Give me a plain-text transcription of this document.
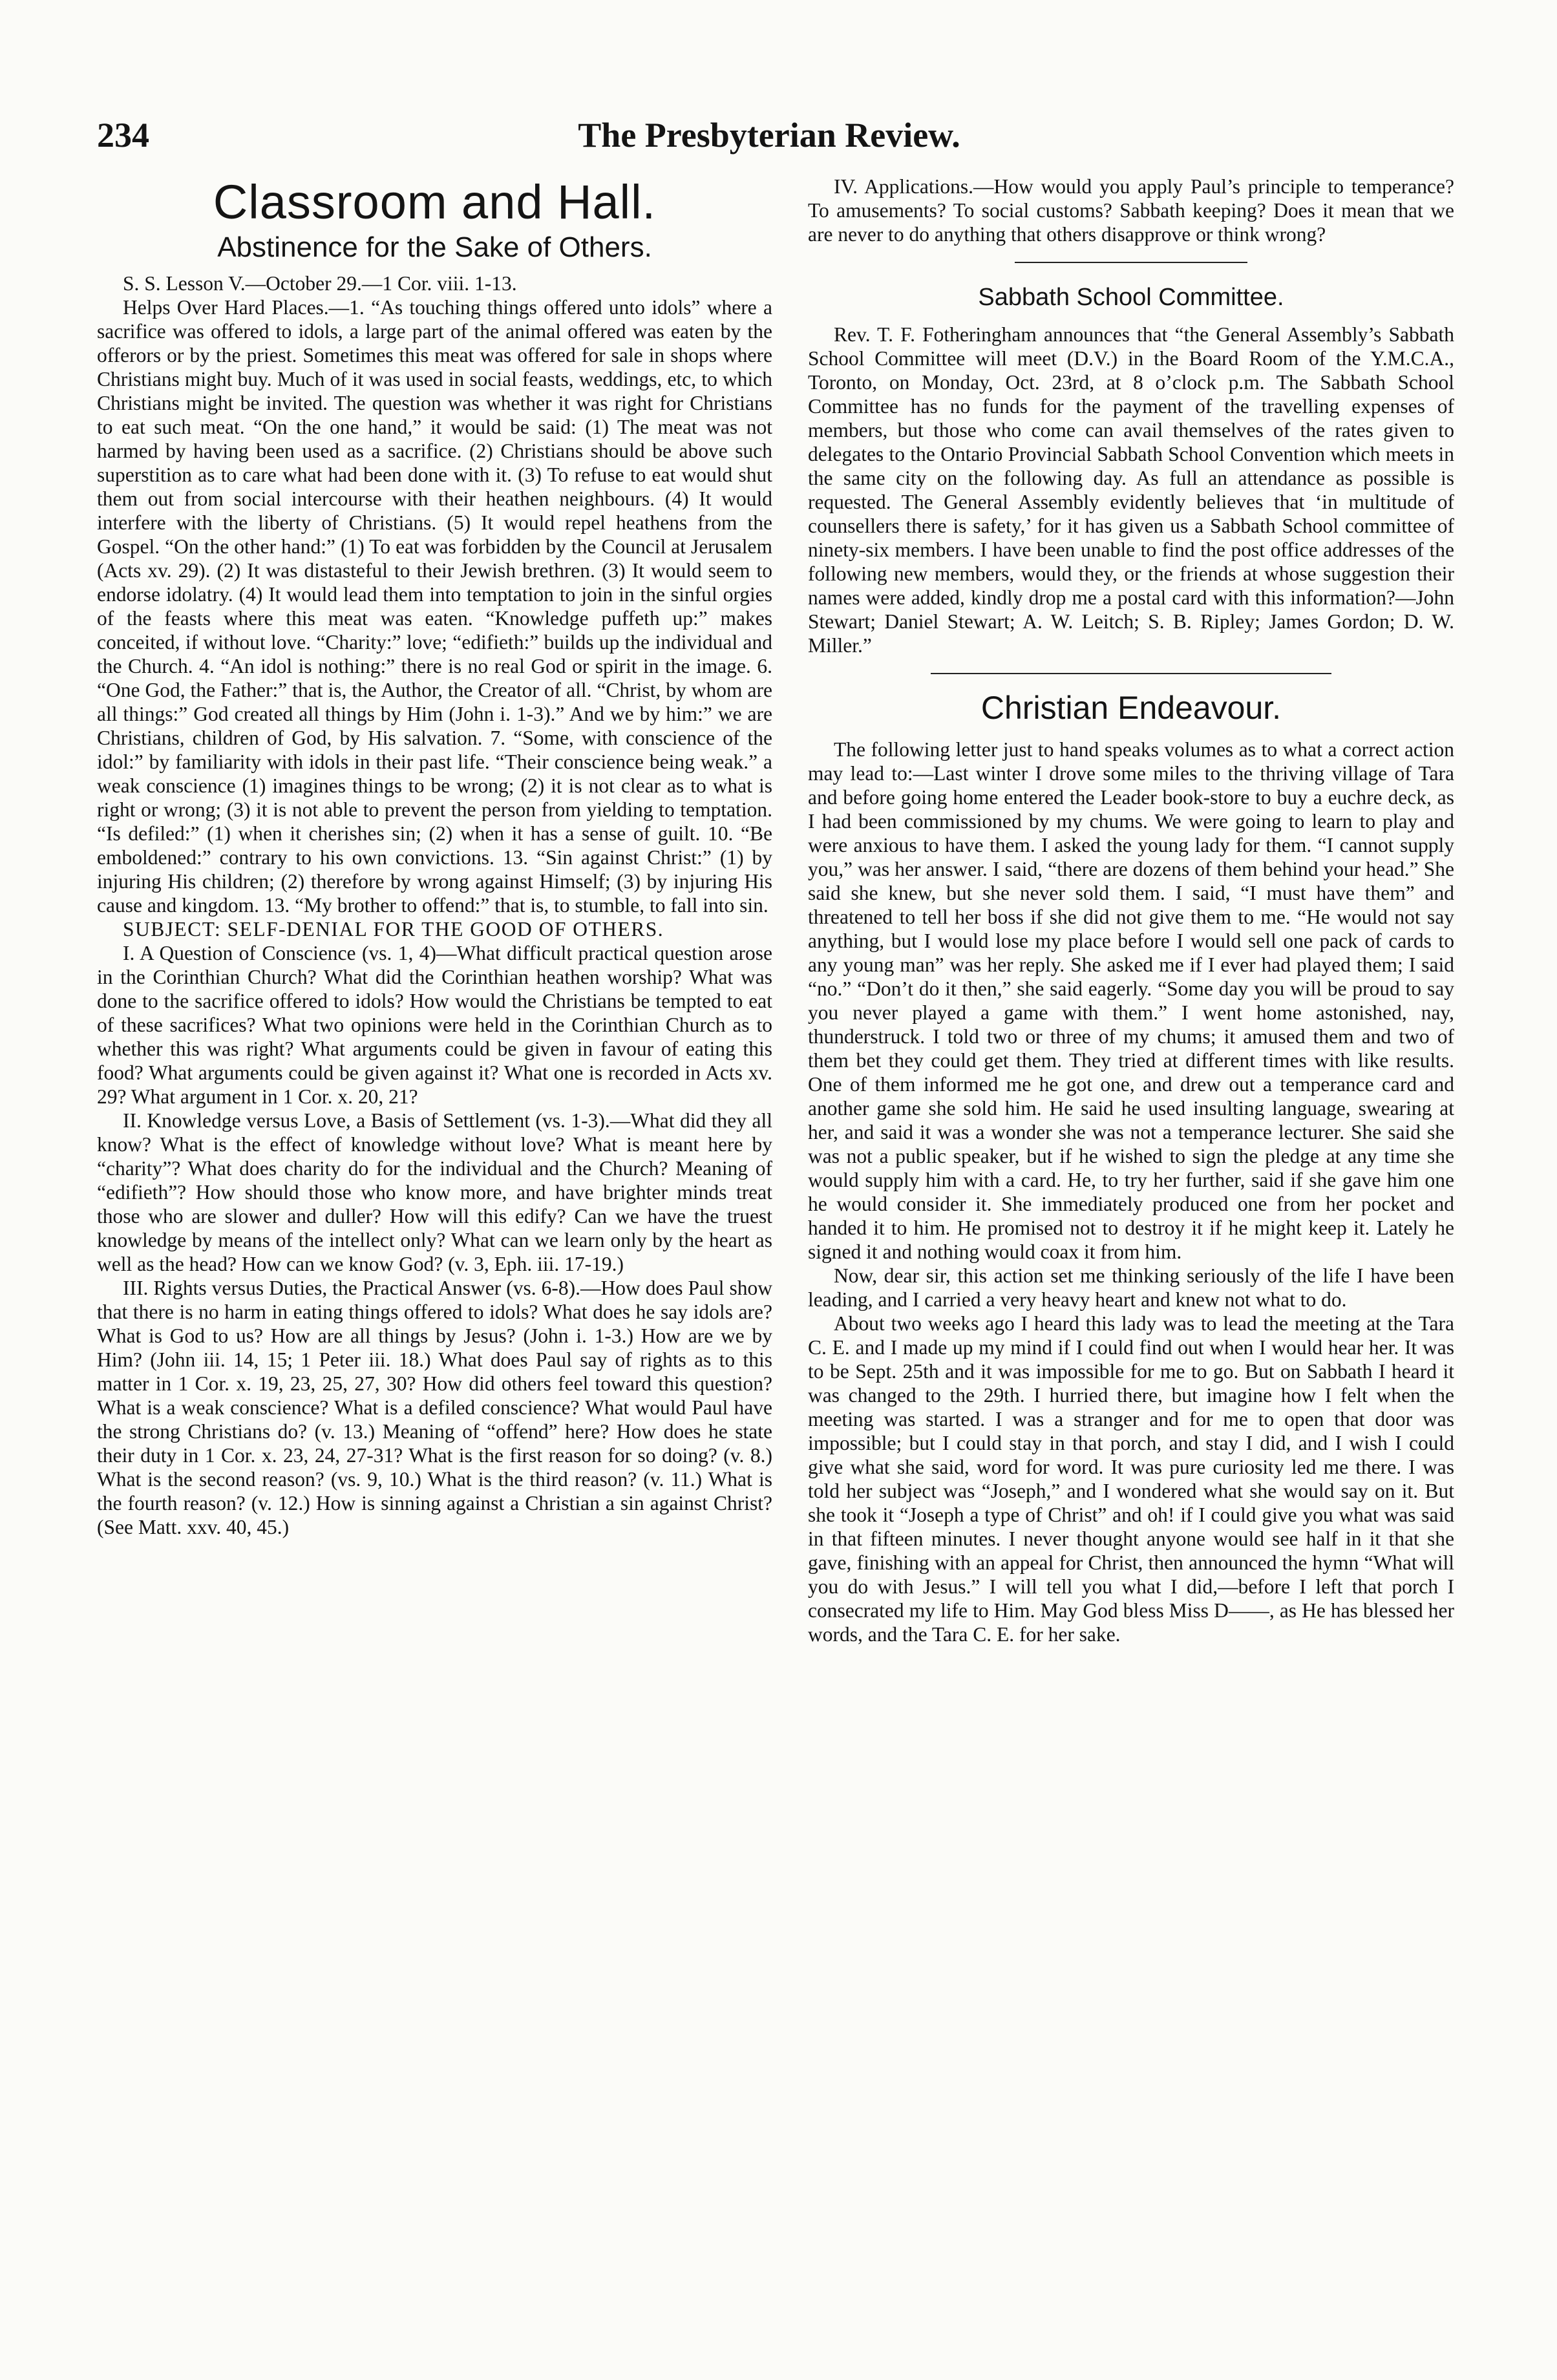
234	The Presbyterian Review.
Classroom and Hall.
Abstinence for the Sake of Others.

S. S. Lesson V.—October 29.—1 Cor. viii. 1-13.

Helps Over Hard Places.—1. “As touching things offered unto idols” where a sacrifice was offered to idols, a large part of the animal offered was eaten by the offerors or by the priest. Sometimes this meat was offered for sale in shops where Christians might buy. Much of it was used in social feasts, weddings, etc, to which Christians might be invited. The question was whether it was right for Christians to eat such meat. “On the one hand,” it would be said: (1) The meat was not harmed by having been used as a sacrifice. (2) Christians should be above such superstition as to care what had been done with it. (3) To refuse to eat would shut them out from social intercourse with their heathen neighbours. (4) It would interfere with the liberty of Christians. (5) It would repel heathens from the Gospel. “On the other hand:” (1) To eat was forbidden by the Council at Jerusalem (Acts xv. 29). (2) It was distasteful to their Jewish brethren. (3) It would seem to endorse idolatry. (4) It would lead them into temptation to join in the sinful orgies of the feasts where this meat was eaten. “Knowledge puffeth up:” makes conceited, if without love. “Charity:” love; “edifieth:” builds up the individual and the Church. 4. “An idol is nothing:” there is no real God or spirit in the image. 6. “One God, the Father:” that is, the Author, the Creator of all. “Christ, by whom are all things:” God created all things by Him (John i. 1-3).” And we by him:” we are Christians, children of God, by His salvation. 7. “Some, with conscience of the idol:” by familiarity with idols in their past life. “Their conscience being weak.” a weak conscience (1) imagines things to be wrong; (2) it is not clear as to what is right or wrong; (3) it is not able to prevent the person from yielding to temptation. “Is defiled:” (1) when it cherishes sin; (2) when it has a sense of guilt. 10. “Be emboldened:” contrary to his own convictions. 13. “Sin against Christ:” (1) by injuring His children; (2) therefore by wrong against Himself; (3) by injuring His cause and kingdom. 13. “My brother to offend:” that is, to stumble, to fall into sin.

SUBJECT: SELF-DENIAL FOR THE GOOD OF OTHERS.

I. A Question of Conscience (vs. 1, 4)—What difficult practical question arose in the Corinthian Church? What did the Corinthian heathen worship? What was done to the sacrifice offered to idols? How would the Christians be tempted to eat of these sacrifices? What two opinions were held in the Corinthian Church as to whether this was right? What arguments could be given in favour of eating this food? What arguments could be given against it? What one is recorded in Acts xv. 29? What argument in 1 Cor. x. 20, 21?

II. Knowledge versus Love, a Basis of Settlement (vs. 1-3).—What did they all know? What is the effect of knowledge without love? What is meant here by “charity”? What does charity do for the individual and the Church? Meaning of “edifieth”? How should those who know more, and have brighter minds treat those who are slower and duller? How will this edify? Can we have the truest knowledge by means of the intellect only? What can we learn only by the heart as well as the head? How can we know God? (v. 3, Eph. iii. 17-19.)

III. Rights versus Duties, the Practical Answer (vs. 6-8).—How does Paul show that there is no harm in eating things offered to idols? What does he say idols are? What is God to us? How are all things by Jesus? (John i. 1-3.) How are we by Him? (John iii. 14, 15; 1 Peter iii. 18.) What does Paul say of rights as to this matter in 1 Cor. x. 19, 23, 25, 27, 30? How did others feel toward this question? What is a weak conscience? What is a defiled conscience? What would Paul have the strong Christians do? (v. 13.) Meaning of “offend” here? How does he state their duty in 1 Cor. x. 23, 24, 27-31? What is the first reason for so doing? (v. 8.) What is the second reason? (vs. 9, 10.) What is the third reason? (v. 11.) What is the fourth reason? (v. 12.) How is sinning against a Christian a sin against Christ? (See Matt. xxv. 40, 45.)

IV. Applications.—How would you apply Paul’s principle to temperance? To amusements? To social customs? Sabbath keeping? Does it mean that we are never to do anything that others disapprove or think wrong?

Sabbath School Committee.

Rev. T. F. Fotheringham announces that “the General Assembly’s Sabbath School Committee will meet (D.V.) in the Board Room of the Y.M.C.A., Toronto, on Monday, Oct. 23rd, at 8 o’clock p.m. The Sabbath School Committee has no funds for the payment of the travelling expenses of members, but those who come can avail themselves of the rates given to delegates to the Ontario Provincial Sabbath School Convention which meets in the same city on the following day. As full an attendance as possible is requested. The General Assembly evidently believes that ‘in multitude of counsellers there is safety,’ for it has given us a Sabbath School committee of ninety-six members. I have been unable to find the post office addresses of the following new members, would they, or the friends at whose suggestion their names were added, kindly drop me a postal card with this information?—John Stewart; Daniel Stewart; A. W. Leitch; S. B. Ripley; James Gordon; D. W. Miller.”

Christian Endeavour.

The following letter just to hand speaks volumes as to what a correct action may lead to:—Last winter I drove some miles to the thriving village of Tara and before going home entered the Leader book-store to buy a euchre deck, as I had been commissioned by my chums. We were going to learn to play and were anxious to have them. I asked the young lady for them. “I cannot supply you,” was her answer. I said, “there are dozens of them behind your head.” She said she knew, but she never sold them. I said, “I must have them” and threatened to tell her boss if she did not give them to me. “He would not say anything, but I would lose my place before I would sell one pack of cards to any young man” was her reply. She asked me if I ever had played them; I said “no.” “Don’t do it then,” she said eagerly. “Some day you will be proud to say you never played a game with them.” I went home astonished, nay, thunderstruck. I told two or three of my chums; it amused them and two of them bet they could get them. They tried at different times with like results. One of them informed me he got one, and drew out a temperance card and another game she sold him. He said he used insulting language, swearing at her, and said it was a wonder she was not a temperance lecturer. She said she was not a public speaker, but if he wished to sign the pledge at any time she would supply him with a card. He, to try her further, said if she gave him one he would consider it. She immediately produced one from her pocket and handed it to him. He promised not to destroy it if he might keep it. Lately he signed it and nothing would coax it from him.

Now, dear sir, this action set me thinking seriously of the life I have been leading, and I carried a very heavy heart and knew not what to do.

About two weeks ago I heard this lady was to lead the meeting at the Tara C. E. and I made up my mind if I could find out when I would hear her. It was to be Sept. 25th and it was impossible for me to go. But on Sabbath I heard it was changed to the 29th. I hurried there, but imagine how I felt when the meeting was started. I was a stranger and for me to open that door was impossible; but I could stay in that porch, and stay I did, and I wish I could give what she said, word for word. It was pure curiosity led me there. I was told her subject was “Joseph,” and I wondered what she would say on it. But she took it “Joseph a type of Christ” and oh! if I could give you what was said in that fifteen minutes. I never thought anyone would see half in it that she gave, finishing with an appeal for Christ, then announced the hymn “What will you do with Jesus.” I will tell you what I did,—before I left that porch I consecrated my life to Him. May God bless Miss D——, as He has blessed her words, and the Tara C. E. for her sake.
